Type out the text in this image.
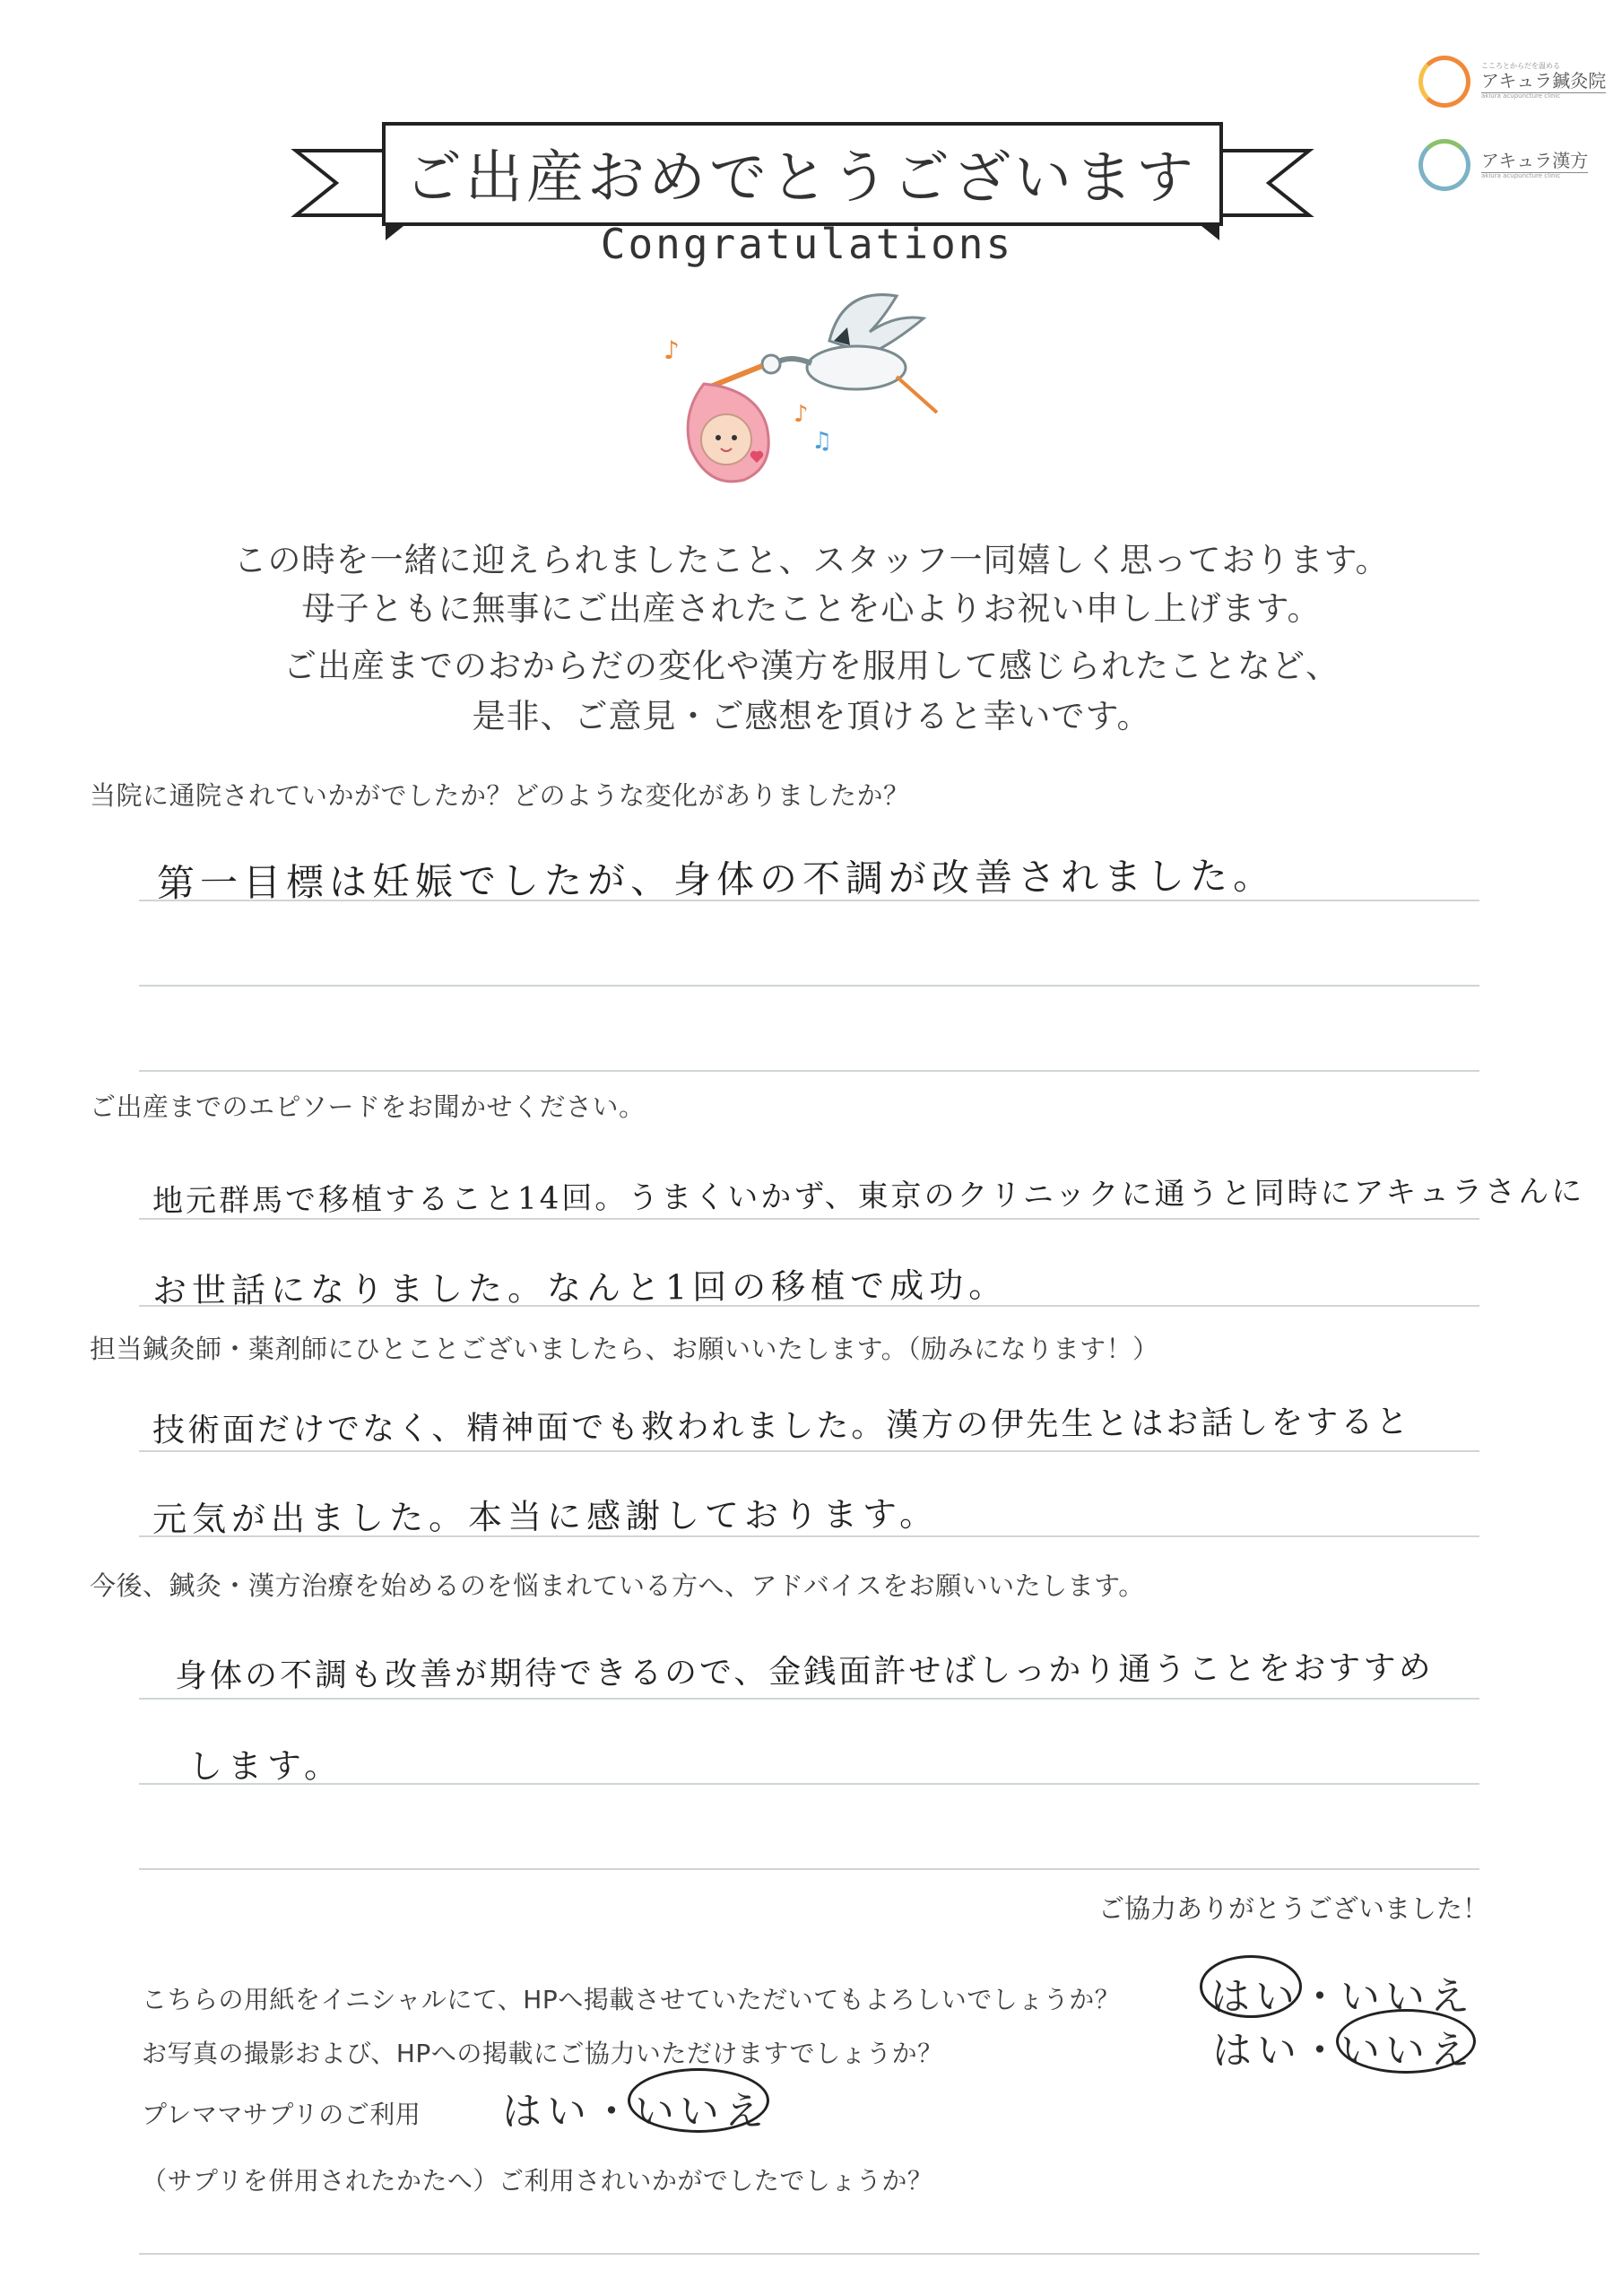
こころとからだを温める
アキュラ鍼灸院
akiura acupuncture clinic
アキュラ漢方
akiura acupuncture clinic
ご出産おめでとうございます
Congratulations
♪
♪
♫
この時を一緒に迎えられましたこと、スタッフ一同嬉しく思っております。
母子ともに無事にご出産されたことを心よりお祝い申し上げます。
ご出産までのおからだの変化や漢方を服用して感じられたことなど、
是非、ご意見・ご感想を頂けると幸いです。
当院に通院されていかがでしたか？どのような変化がありましたか？
第一目標は妊娠でしたが、身体の不調が改善されました。
ご出産までのエピソードをお聞かせください。
地元群馬で移植すること14回。うまくいかず、東京のクリニックに通うと同時にアキュラさんに
お世話になりました。なんと1回の移植で成功。
担当鍼灸師・薬剤師にひとことございましたら、お願いいたします。（励みになります！）
技術面だけでなく、精神面でも救われました。漢方の伊先生とはお話しをすると
元気が出ました。本当に感謝しております。
今後、鍼灸・漢方治療を始めるのを悩まれている方へ、アドバイスをお願いいたします。
身体の不調も改善が期待できるので、金銭面許せばしっかり通うことをおすすめ
します。
ご協力ありがとうございました！
こちらの用紙をイニシャルにて、HPへ掲載させていただいてもよろしいでしょうか？ はい ・
いいえ
お写真の撮影および、HPへの掲載にご協力いただけますでしょうか？	はい
・
いいえ
プレママサプリのご利用 はい ・
いいえ
（サプリを併用されたかたへ）ご利用されいかがでしたでしょうか？
